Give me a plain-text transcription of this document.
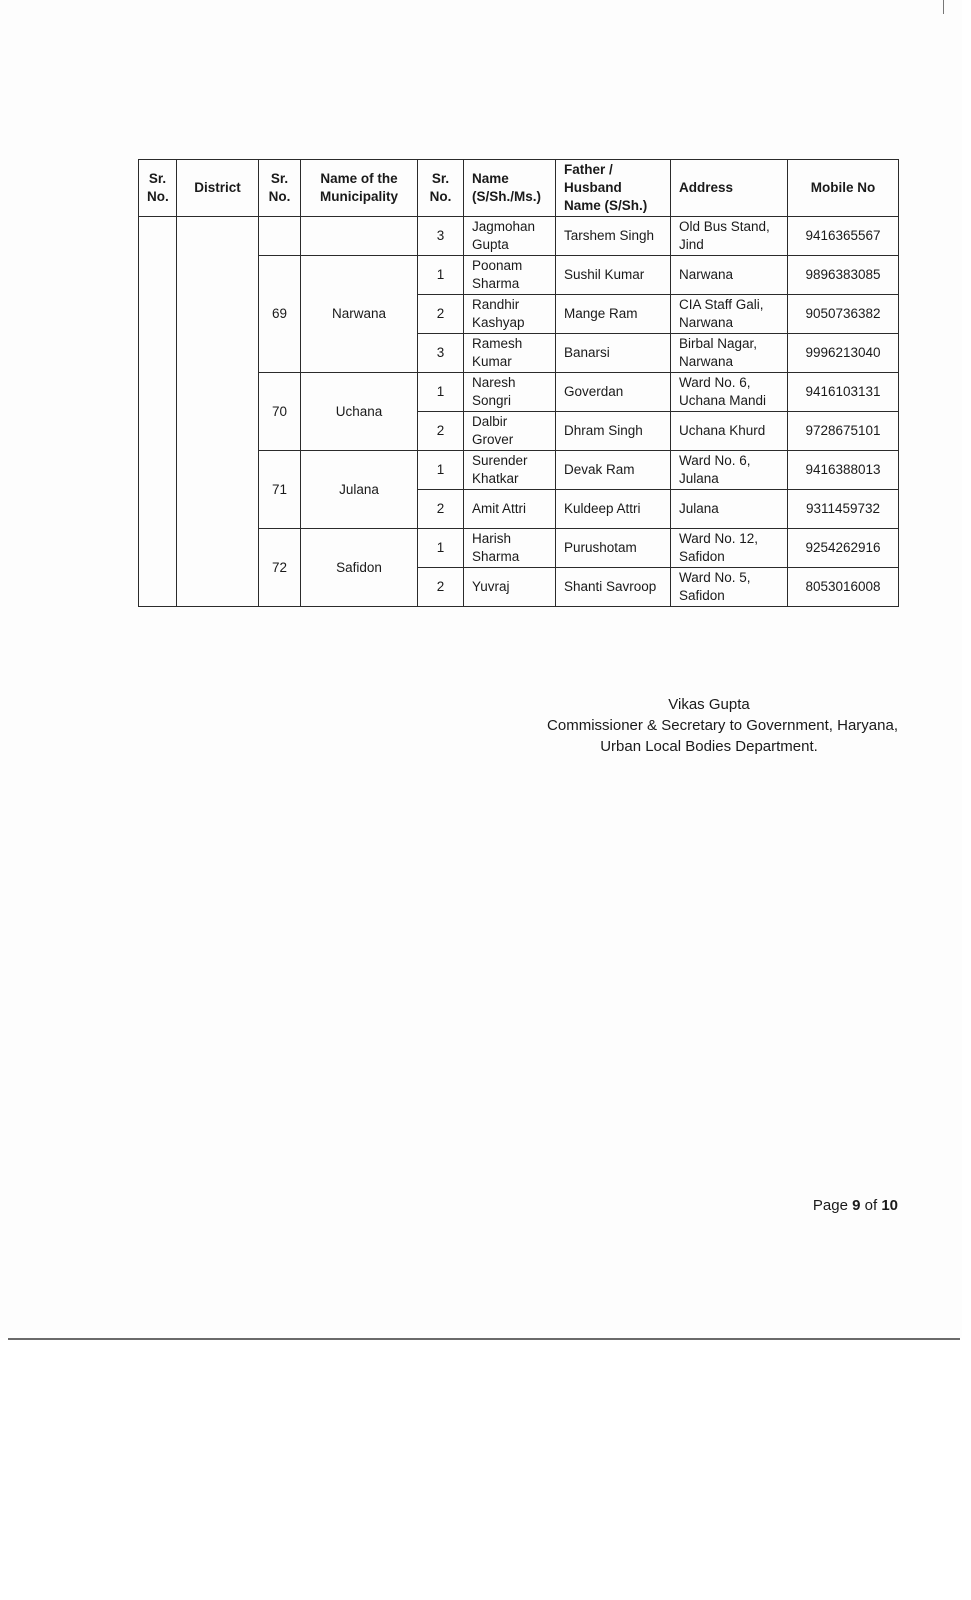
Sr. No.	District	Sr. No.	Name of the Municipality	Sr. No.	Name (S/Sh./Ms.)	Father / Husband Name (S/Sh.)	Address	Mobile No
				3	Jagmohan Gupta	Tarshem Singh	Old Bus Stand, Jind	9416365567
		69	Narwana	1	Poonam Sharma	Sushil Kumar	Narwana	9896383085
				2	Randhir Kashyap	Mange Ram	CIA Staff Gali, Narwana	9050736382
				3	Ramesh Kumar	Banarsi	Birbal Nagar, Narwana	9996213040
		70	Uchana	1	Naresh Songri	Goverdan	Ward No. 6, Uchana Mandi	9416103131
				2	Dalbir Grover	Dhram Singh	Uchana Khurd	9728675101
		71	Julana	1	Surender Khatkar	Devak Ram	Ward No. 6, Julana	9416388013
				2	Amit Attri	Kuldeep Attri	Julana	9311459732
		72	Safidon	1	Harish Sharma	Purushotam	Ward No. 12, Safidon	9254262916
				2	Yuvraj	Shanti Savroop	Ward No. 5, Safidon	8053016008
Vikas Gupta
Commissioner & Secretary to Government, Haryana,
Urban Local Bodies Department.
Page 9 of 10
